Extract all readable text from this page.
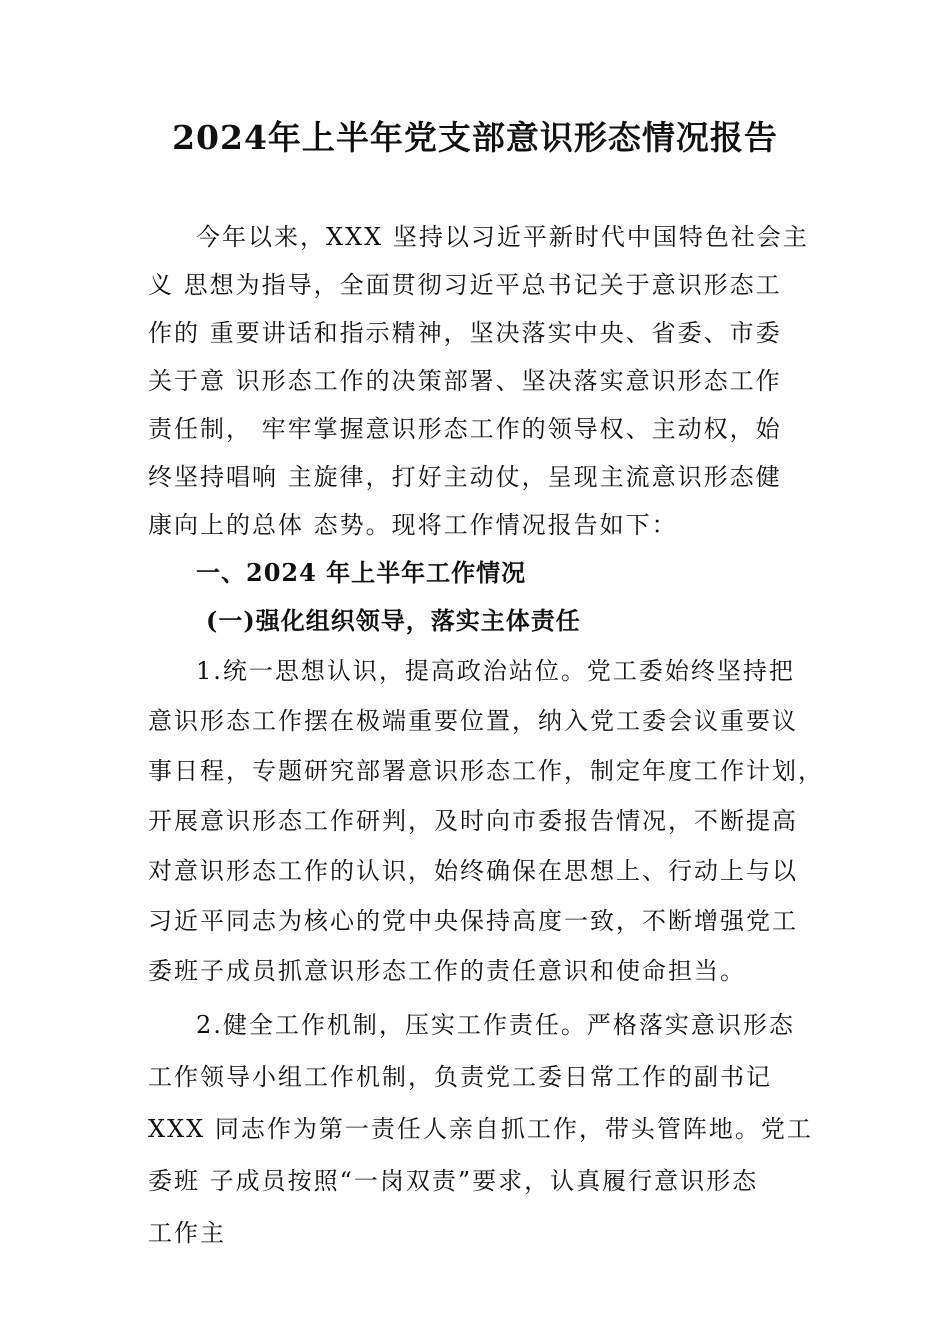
2024年上半年党支部意识形态情况报告

今年以来，XXX 坚持以习近平新时代中国特色社会主

义 思想为指导，全面贯彻习近平总书记关于意识形态工

作的 重要讲话和指示精神，坚决落实中央、省委、市委

关于意 识形态工作的决策部署、坚决落实意识形态工作

责任制， 牢牢掌握意识形态工作的领导权、主动权，始

终坚持唱响 主旋律，打好主动仗，呈现主流意识形态健

康向上的总体 态势。现将工作情况报告如下：

一、2024 年上半年工作情况

(一)强化组织领导，落实主体责任

1.统一思想认识，提高政治站位。党工委始终坚持把

意识形态工作摆在极端重要位置，纳入党工委会议重要议

事日程，专题研究部署意识形态工作，制定年度工作计划，

开展意识形态工作研判，及时向市委报告情况，不断提高

对意识形态工作的认识，始终确保在思想上、行动上与以

习近平同志为核心的党中央保持高度一致，不断增强党工

委班子成员抓意识形态工作的责任意识和使命担当。

2.健全工作机制，压实工作责任。严格落实意识形态

工作领导小组工作机制，负责党工委日常工作的副书记

XXX 同志作为第一责任人亲自抓工作，带头管阵地。党工

委班 子成员按照“一岗双责”要求，认真履行意识形态

工作主
